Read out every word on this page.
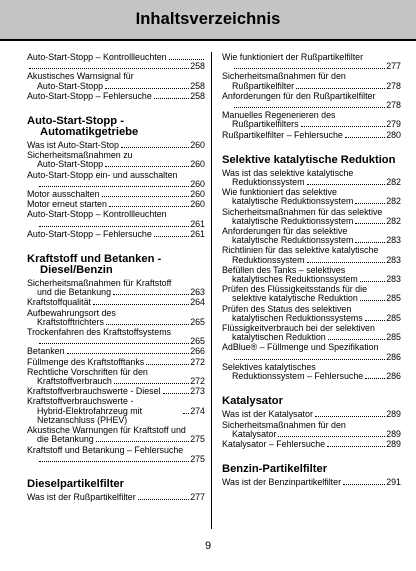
Inhaltsverzeichnis
Auto-Start-Stopp – Kontrollleuchten
258
Akustisches Warnsignal für
Auto-Start-Stopp	258
Auto-Start-Stopp – Fehlersuche	258
Auto-Start-Stopp - Automatikgetriebe
Was ist Auto-Start-Stop	260
Sicherheitsmaßnahmen zu
Auto-Start-Stopp	260
Auto-Start-Stopp ein- und ausschalten
260
Motor ausschalten	260
Motor erneut starten	260
Auto-Start-Stopp – Kontrollleuchten
261
Auto-Start-Stopp – Fehlersuche	261
Kraftstoff und Betanken - Diesel/Benzin
Sicherheitsmaßnahmen für Kraftstoff
und die Betankung	263
Kraftstoffqualität	264
Aufbewahrungsort des
Kraftstofftrichters	265
Trockenfahren des Kraftstoffsystems
265
Betanken	266
Füllmenge des Kraftstofftanks	272
Rechtliche Vorschriften für den
Kraftstoffverbrauch	272
Kraftstoffverbrauchswerte - Diesel	273
Kraftstoffverbrauchswerte -
Hybrid-Elektrofahrzeug mit Netzanschluss (PHEV)
274
Akustische Warnungen für Kraftstoff und
die Betankung	275
Kraftstoff und Betankung – Fehlersuche
275
Dieselpartikelfilter
Was ist der Rußpartikelfilter	277
Wie funktioniert der Rußpartikelfilter
277
Sicherheitsmaßnahmen für den
Rußpartikelfilter	278
Anforderungen für den Rußpartikelfilter
278
Manuelles Regenerieren des
Rußpartikelfilters	279
Rußpartikelfilter – Fehlersuche	280
Selektive katalytische Reduktion
Was ist das selektive katalytische
Reduktionssystem	282
Wie funktioniert das selektive
katalytische Reduktionssystem	282
Sicherheitsmaßnahmen für das selektive
katalytische Reduktionssystem	282
Anforderungen für das selektive
katalytische Reduktionssystem	283
Richtlinien für das selektive katalytische
Reduktionssystem	283
Befüllen des Tanks – selektives
katalytisches Reduktionssystem	283
Prüfen des Flüssigkeitsstands für die
selektive katalytische Reduktion	285
Prüfen des Status des selektiven
katalytischen Reduktionssystems	285
Flüssigkeitverbrauch bei der selektiven
katalytischen Reduktion	285
AdBlue® – Füllmenge und Spezifikation
286
Selektives katalytisches
Reduktionssystem – Fehlersuche	286
Katalysator
Was ist der Katalysator	289
Sicherheitsmaßnahmen für den
Katalysator	289
Katalysator – Fehlersuche	289
Benzin-Partikelfilter
Was ist der Benzinpartikelfilter	291
9
